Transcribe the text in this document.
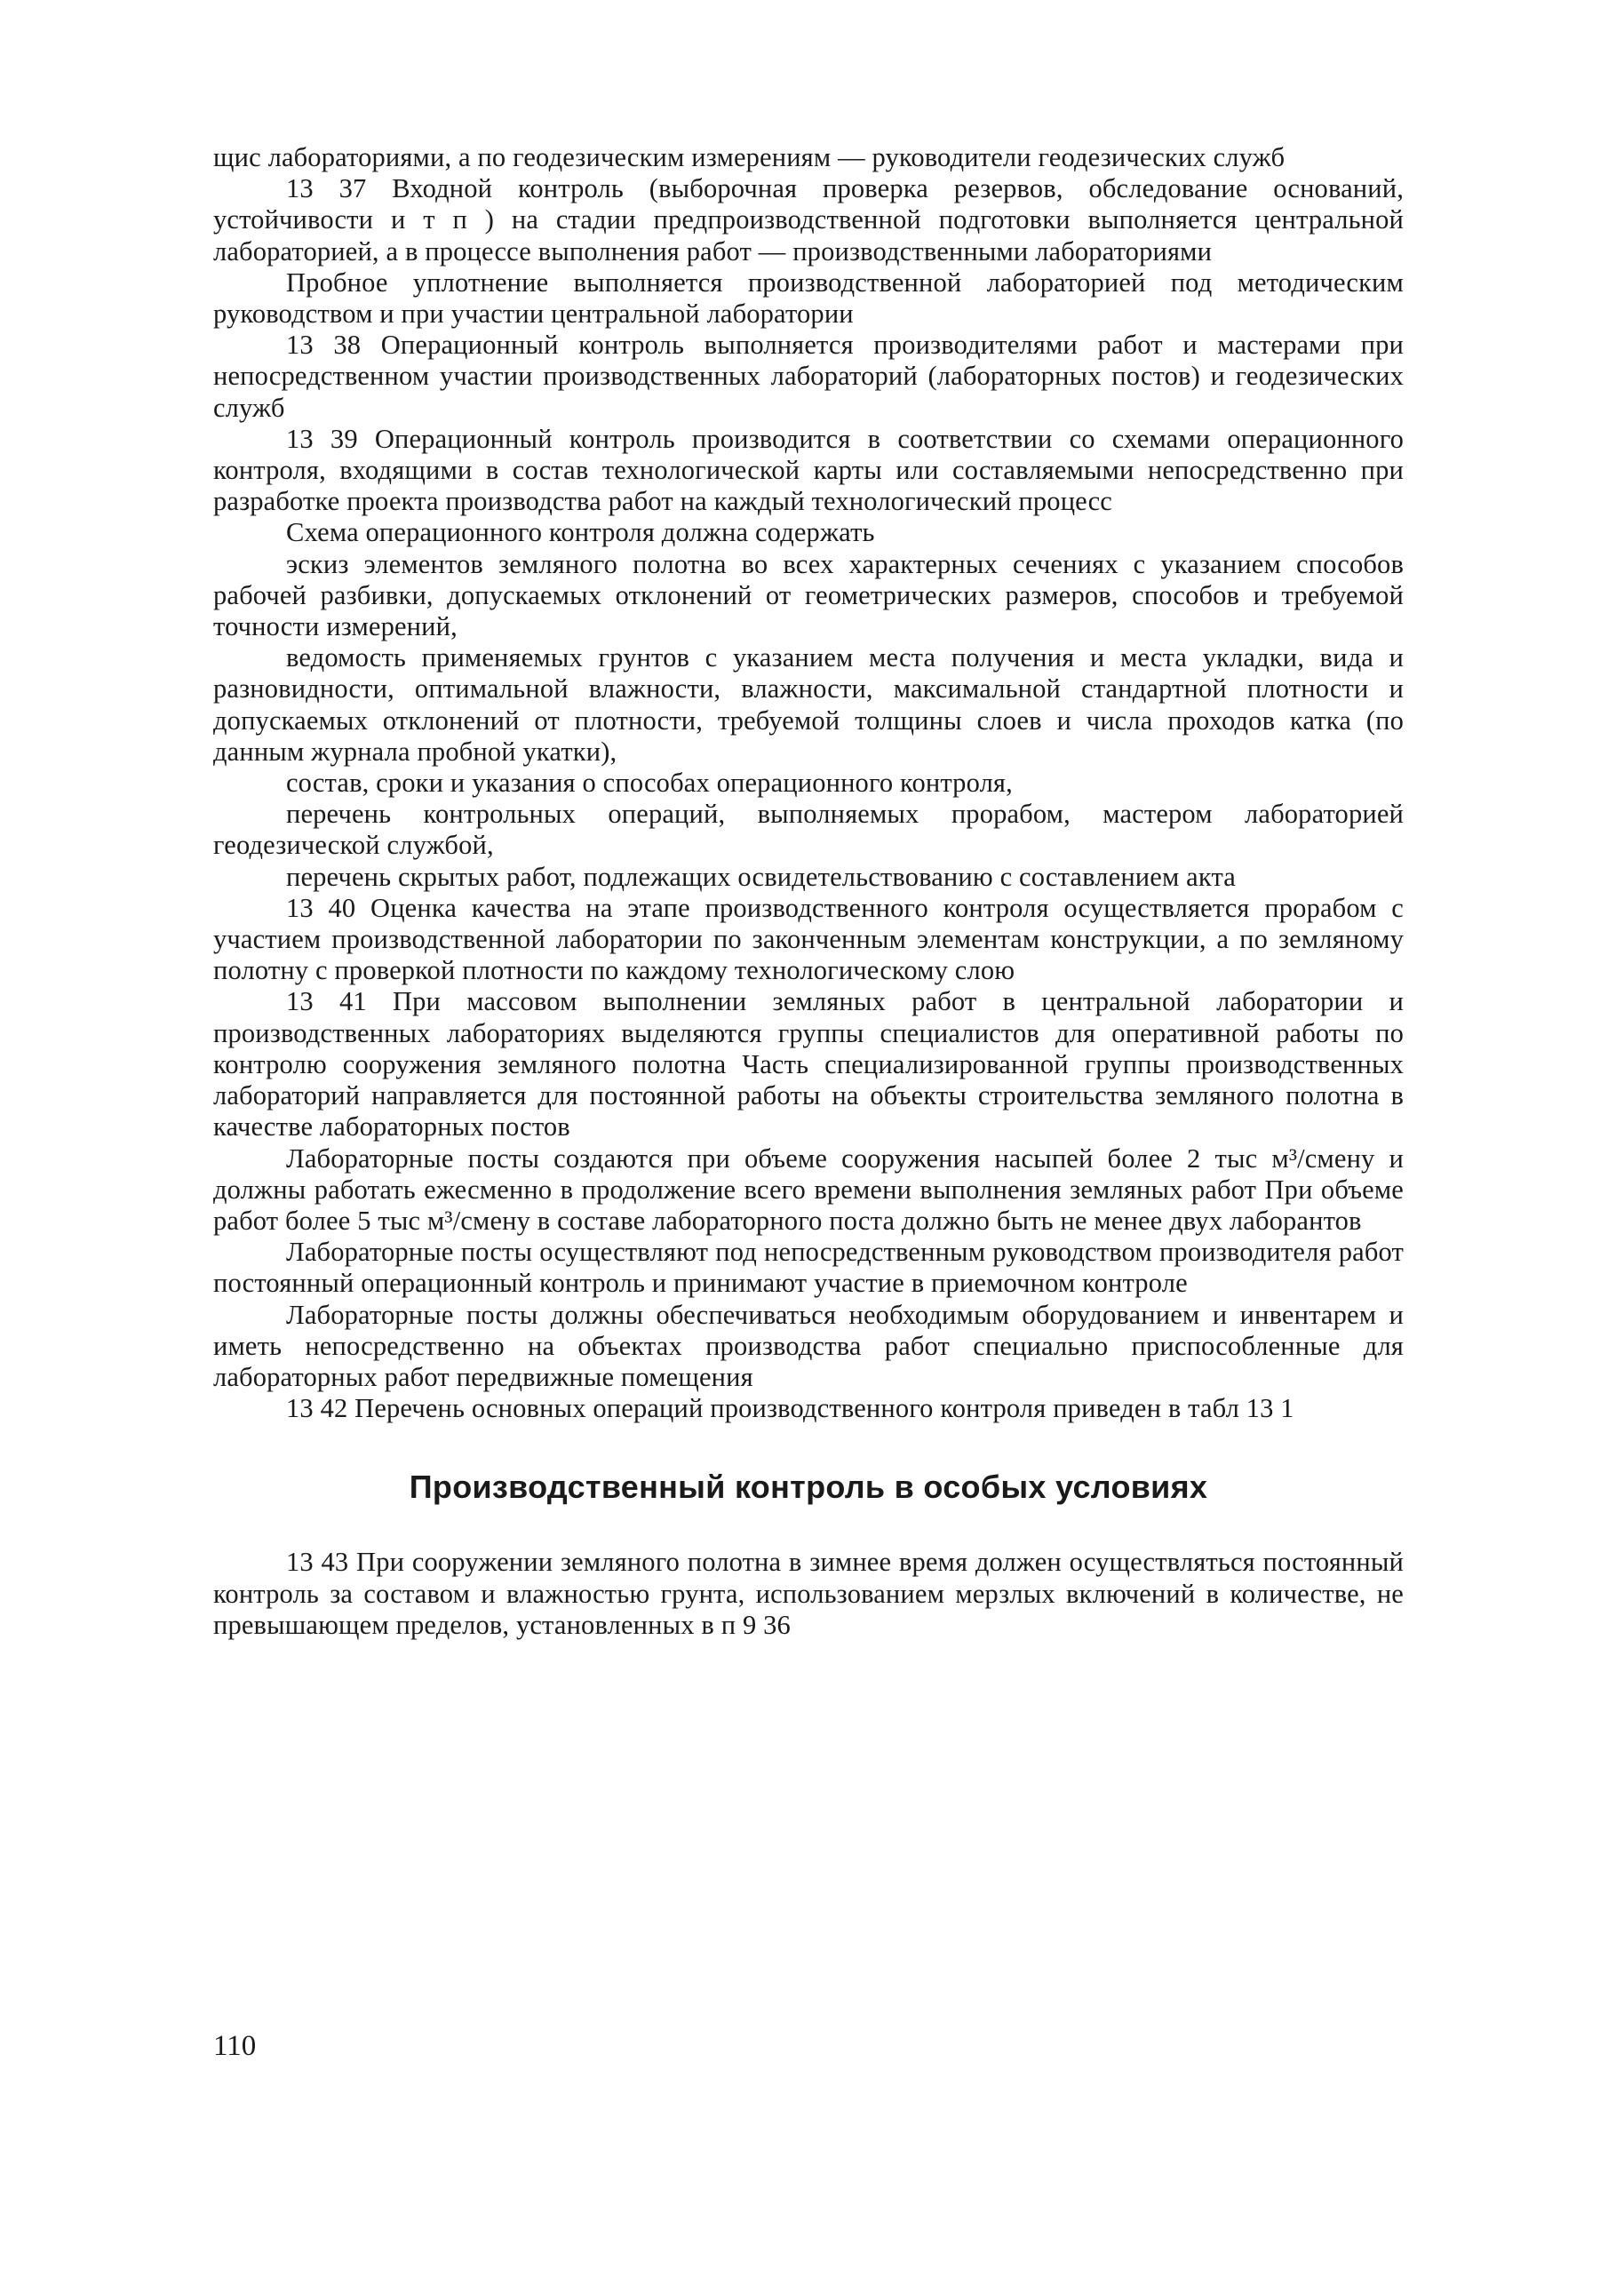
щис лабораториями, а по геодезическим измерениям — руководители геодезических служб

13 37 Входной контроль (выборочная проверка резервов, обследование оснований, устойчивости и т п ) на стадии предпроизводственной подготовки выполняется центральной лабораторией, а в процессе выполнения работ — производственными лабораториями

Пробное уплотнение выполняется производственной лабораторией под методическим руководством и при участии центральной лаборатории

13 38 Операционный контроль выполняется производителями работ и мастерами при непосредственном участии производственных лабораторий (лабораторных постов) и геодезических служб

13 39 Операционный контроль производится в соответствии со схемами операционного контроля, входящими в состав технологической карты или составляемыми непосредственно при разработке проекта производства работ на каждый технологический процесс

Схема операционного контроля должна содержать

эскиз элементов земляного полотна во всех характерных сечениях с указанием способов рабочей разбивки, допускаемых отклонений от геометрических размеров, способов и требуемой точности измерений,

ведомость применяемых грунтов с указанием места получения и места укладки, вида и разновидности, оптимальной влажности, влажности, максимальной стандартной плотности и допускаемых отклонений от плотности, требуемой толщины слоев и числа проходов катка (по данным журнала пробной укатки),

состав, сроки и указания о способах операционного контроля,

перечень контрольных операций, выполняемых прорабом, мастером лабораторией геодезической службой,

перечень скрытых работ, подлежащих освидетельствованию с составлением акта

13 40 Оценка качества на этапе производственного контроля осуществляется прорабом с участием производственной лаборатории по законченным элементам конструкции, а по земляному полотну с проверкой плотности по каждому технологическому слою

13 41 При массовом выполнении земляных работ в центральной лаборатории и производственных лабораториях выделяются группы специалистов для оперативной работы по контролю сооружения земляного полотна Часть специализированной группы производственных лабораторий направляется для постоянной работы на объекты строительства земляного полотна в качестве лабораторных постов

Лабораторные посты создаются при объеме сооружения насыпей более 2 тыс м³/смену и должны работать ежесменно в продолжение всего времени выполнения земляных работ При объеме работ более 5 тыс м³/смену в составе лабораторного поста должно быть не менее двух лаборантов

Лабораторные посты осуществляют под непосредственным руководством производителя работ постоянный операционный контроль и принимают участие в приемочном контроле

Лабораторные посты должны обеспечиваться необходимым оборудованием и инвентарем и иметь непосредственно на объектах производства работ специально приспособленные для лабораторных работ передвижные помещения

13 42 Перечень основных операций производственного контроля приведен в табл 13 1

Производственный контроль в особых условиях

13 43 При сооружении земляного полотна в зимнее время должен осуществляться постоянный контроль за составом и влажностью грунта, использованием мерзлых включений в количестве, не превышающем пределов, установленных в п 9 36

110
